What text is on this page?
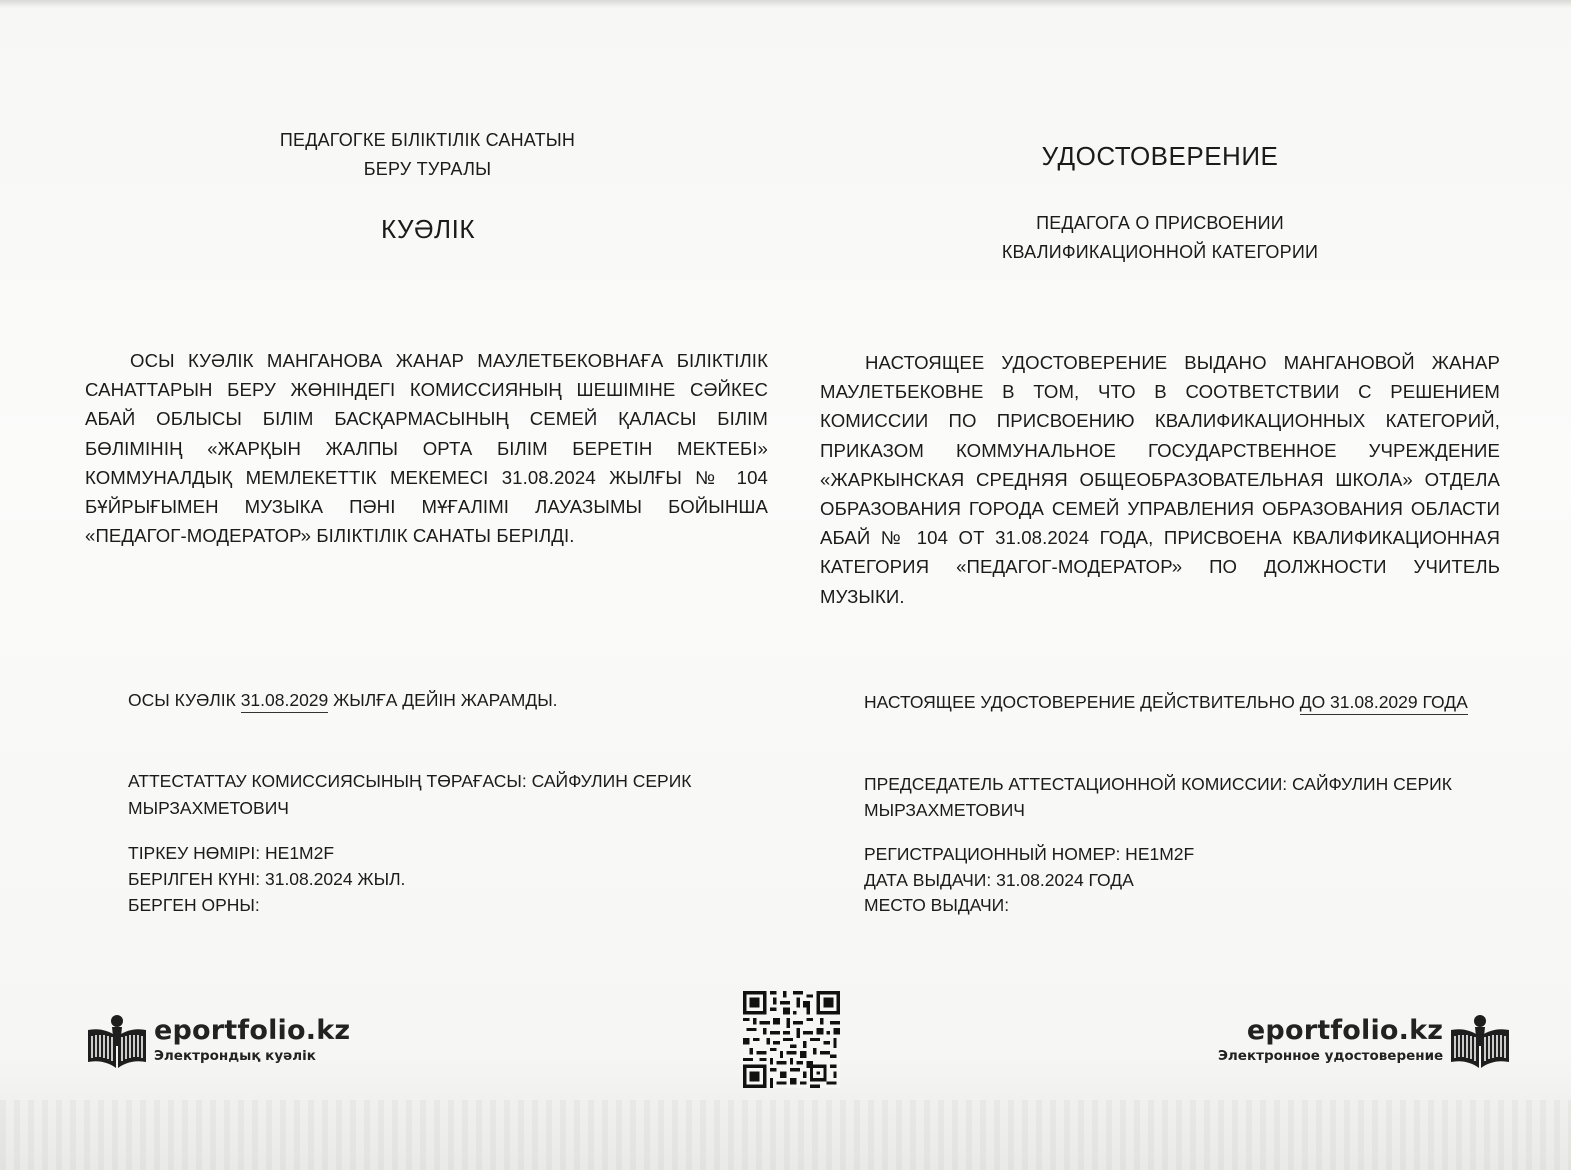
ПЕДАГОГКЕ БІЛІКТІЛІК САНАТЫН
БЕРУ ТУРАЛЫ
КУӘЛІК
ОСЫ КУӘЛІК МАНГАНОВА ЖАНАР МАУЛЕТБЕКОВНАҒА БІЛІКТІЛІК САНАТТАРЫН БЕРУ ЖӨНІНДЕГІ КОМИССИЯНЫҢ ШЕШІМІНЕ СӘЙКЕС АБАЙ ОБЛЫСЫ БІЛІМ БАСҚАРМАСЫНЫҢ СЕМЕЙ ҚАЛАСЫ БІЛІМ БӨЛІМІНІҢ «ЖАРҚЫН ЖАЛПЫ ОРТА БІЛІМ БЕРЕТІН МЕКТЕБІ» КОММУНАЛДЫҚ МЕМЛЕКЕТТІК МЕКЕМЕСІ 31.08.2024 ЖЫЛҒЫ № 104 БҰЙРЫҒЫМЕН МУЗЫКА ПӘНІ МҰҒАЛІМІ ЛАУАЗЫМЫ БОЙЫНША «ПЕДАГОГ-МОДЕРАТОР» БІЛІКТІЛІК САНАТЫ БЕРІЛДІ.
ОСЫ КУӘЛІК 31.08.2029 ЖЫЛҒА ДЕЙІН ЖАРАМДЫ.
АТТЕСТАТТАУ КОМИССИЯСЫНЫҢ ТӨРАҒАСЫ: САЙФУЛИН СЕРИК
МЫРЗАХМЕТОВИЧ
ТІРКЕУ НӨМІРІ: HE1M2F
БЕРІЛГЕН КҮНІ: 31.08.2024 ЖЫЛ.
БЕРГЕН ОРНЫ:
УДОСТОВЕРЕНИЕ
ПЕДАГОГА О ПРИСВОЕНИИ
КВАЛИФИКАЦИОННОЙ КАТЕГОРИИ
НАСТОЯЩЕЕ УДОСТОВЕРЕНИЕ ВЫДАНО МАНГАНОВОЙ ЖАНАР МАУЛЕТБЕКОВНЕ В ТОМ, ЧТО В СООТВЕТСТВИИ С РЕШЕНИЕМ КОМИССИИ ПО ПРИСВОЕНИЮ КВАЛИФИКАЦИОННЫХ КАТЕГОРИЙ, ПРИКАЗОМ КОММУНАЛЬНОЕ ГОСУДАРСТВЕННОЕ УЧРЕЖДЕНИЕ «ЖАРКЫНСКАЯ СРЕДНЯЯ ОБЩЕОБРАЗОВАТЕЛЬНАЯ ШКОЛА» ОТДЕЛА ОБРАЗОВАНИЯ ГОРОДА СЕМЕЙ УПРАВЛЕНИЯ ОБРАЗОВАНИЯ ОБЛАСТИ АБАЙ № 104 ОТ 31.08.2024 ГОДА, ПРИСВОЕНА КВАЛИФИКАЦИОННАЯ КАТЕГОРИЯ «ПЕДАГОГ-МОДЕРАТОР» ПО ДОЛЖНОСТИ УЧИТЕЛЬ МУЗЫКИ.
НАСТОЯЩЕЕ УДОСТОВЕРЕНИЕ ДЕЙСТВИТЕЛЬНО ДО 31.08.2029 ГОДА
ПРЕДСЕДАТЕЛЬ АТТЕСТАЦИОННОЙ КОМИССИИ: САЙФУЛИН СЕРИК
МЫРЗАХМЕТОВИЧ
РЕГИСТРАЦИОННЫЙ НОМЕР: HE1M2F
ДАТА ВЫДАЧИ: 31.08.2024 ГОДА
МЕСТО ВЫДАЧИ:
eportfolio.kz
Электрондық куәлік
eportfolio.kz
Электронное удостоверение
